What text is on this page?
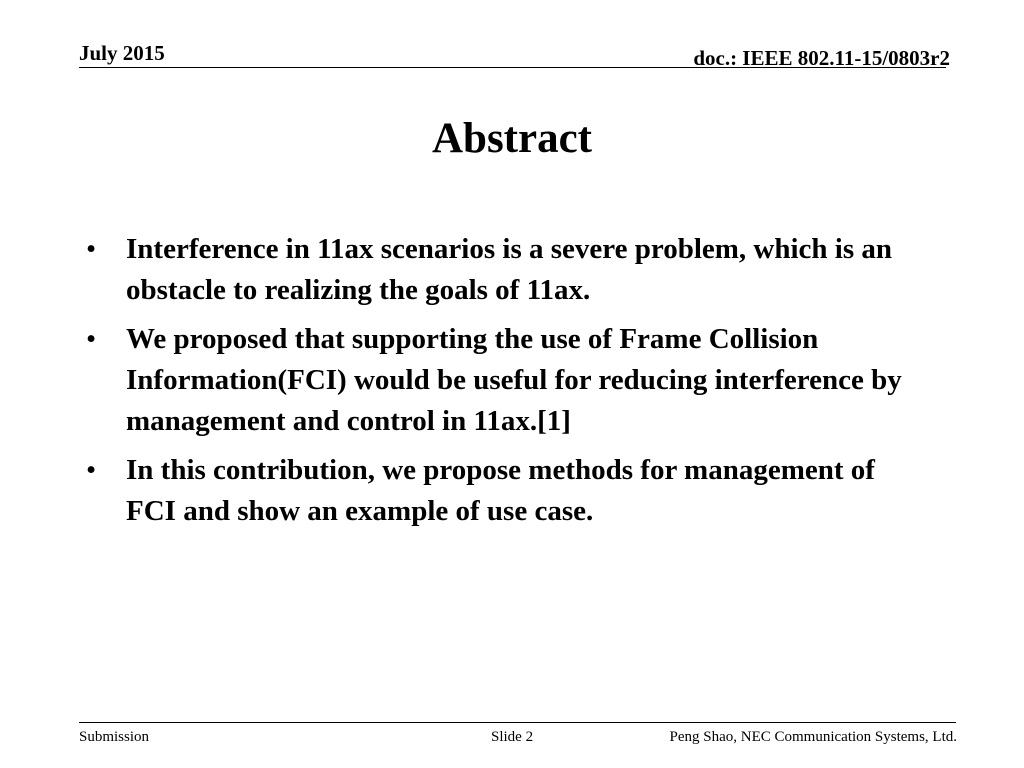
July 2015	doc.: IEEE 802.11-15/0803r2
Abstract
• Interference in 11ax scenarios is a severe problem, which is an obstacle to realizing the goals of 11ax.
• We proposed that supporting the use of Frame Collision Information(FCI) would be useful for reducing interference by management and control in 11ax.[1]
• In this contribution, we propose methods for management of FCI and show an example of use case.
Submission	Slide 2	Peng Shao, NEC Communication Systems, Ltd.
